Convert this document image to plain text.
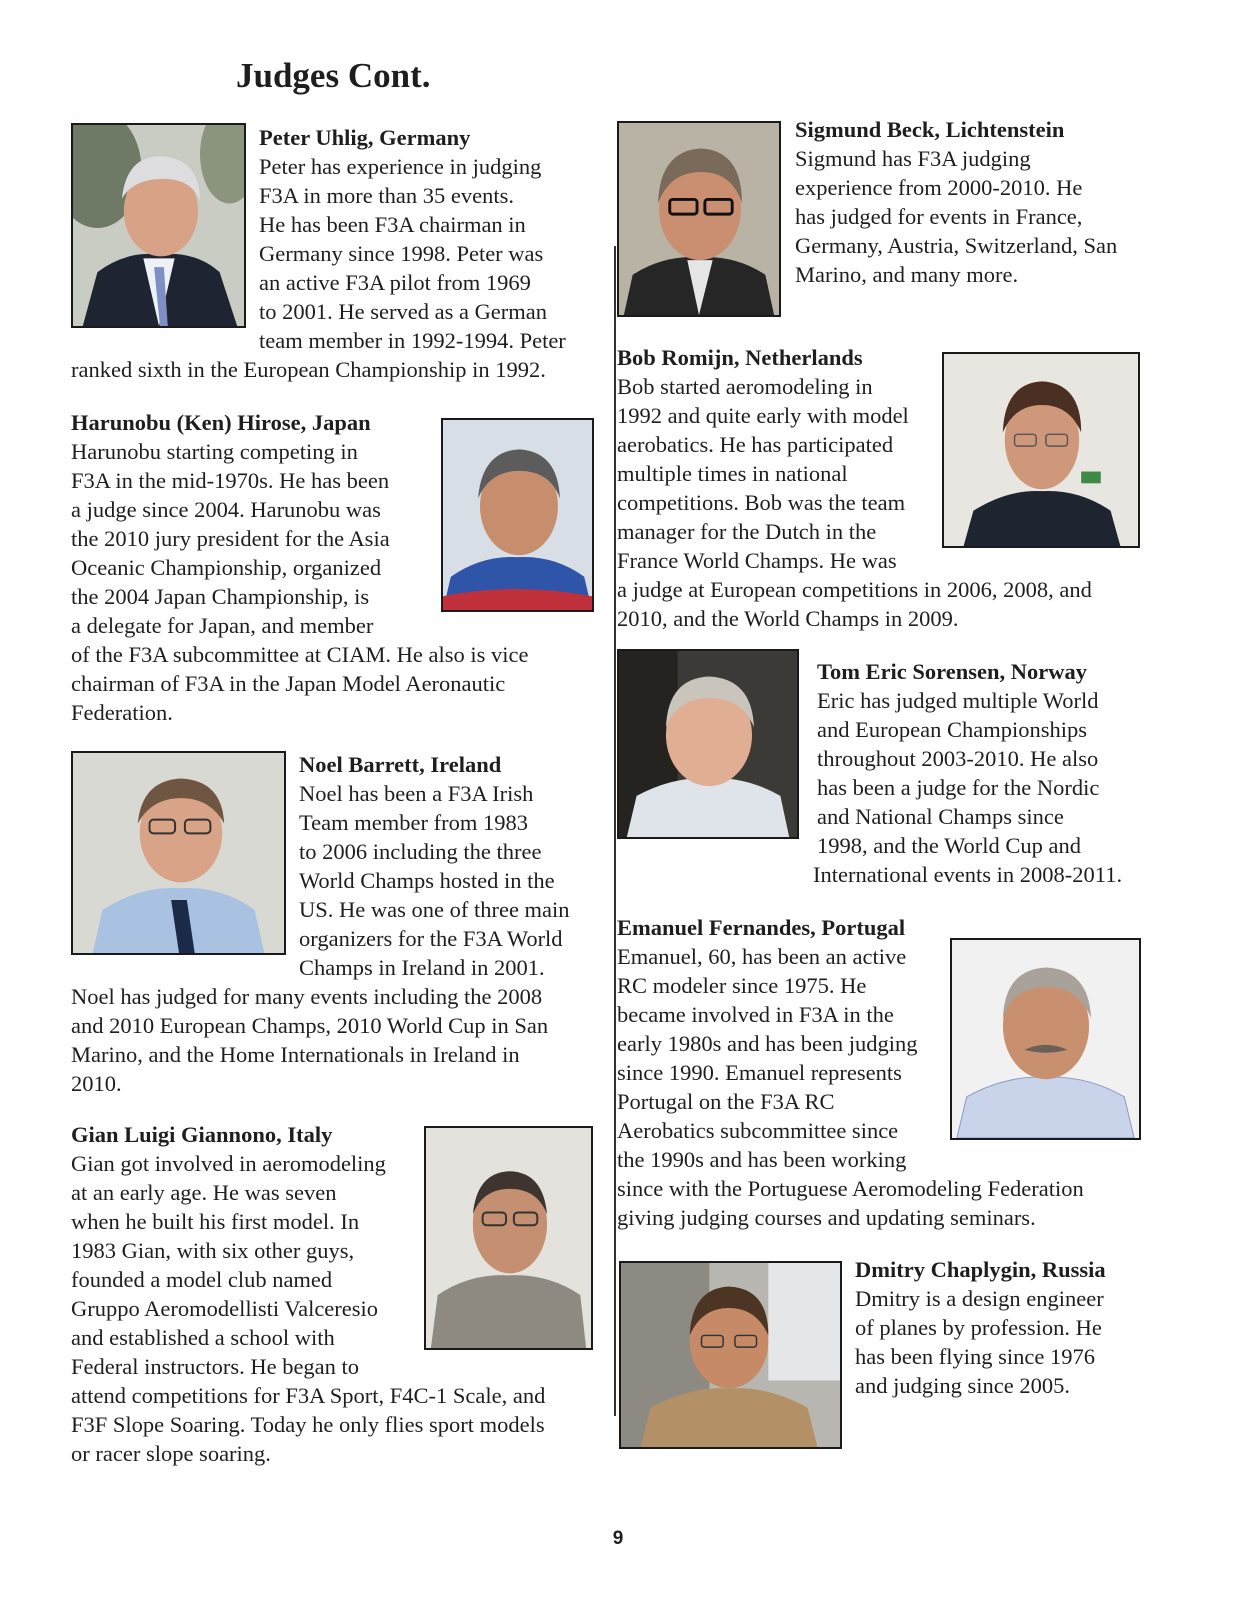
Judges Cont.
Peter Uhlig, Germany

Peter has experience in judging

F3A in more than 35 events.

He has been F3A chairman in

Germany since 1998. Peter was

an active F3A pilot from 1969

to 2001. He served as a German

team member in 1992-1994. Peter

ranked sixth in the European Championship in 1992.

Harunobu (Ken) Hirose, Japan

Harunobu starting competing in

F3A in the mid-1970s. He has been

a judge since 2004. Harunobu was

the 2010 jury president for the Asia

Oceanic Championship, organized

the 2004 Japan Championship, is

a delegate for Japan, and member

of the F3A subcommittee at CIAM. He also is vice

chairman of F3A in the Japan Model Aeronautic

Federation.

Noel Barrett, Ireland

Noel has been a F3A Irish

Team member from 1983

to 2006 including the three

World Champs hosted in the

US. He was one of three main

organizers for the F3A World

Champs in Ireland in 2001.

Noel has judged for many events including the 2008

and 2010 European Champs, 2010 World Cup in San

Marino, and the Home Internationals in Ireland in

2010.

Gian Luigi Giannono, Italy

Gian got involved in aeromodeling

at an early age. He was seven

when he built his first model. In

1983 Gian, with six other guys,

founded a model club named

Gruppo Aeromodellisti Valceresio

and established a school with

Federal instructors. He began to

attend competitions for F3A Sport, F4C-1 Scale, and

F3F Slope Soaring. Today he only flies sport models

or racer slope soaring.

Sigmund Beck, Lichtenstein

Sigmund has F3A judging

experience from 2000-2010. He

has judged for events in France,

Germany, Austria, Switzerland, San

Marino, and many more.

Bob Romijn, Netherlands

Bob started aeromodeling in

1992 and quite early with model

aerobatics. He has participated

multiple times in national

competitions. Bob was the team

manager for the Dutch in the

France World Champs. He was

a judge at European competitions in 2006, 2008, and

2010, and the World Champs in 2009.

Tom Eric Sorensen, Norway

Eric has judged multiple World

and European Championships

throughout 2003-2010. He also

has been a judge for the Nordic

and National Champs since

1998, and the World Cup and

International events in 2008-2011.

Emanuel Fernandes, Portugal

Emanuel, 60, has been an active

RC modeler since 1975. He

became involved in F3A in the

early 1980s and has been judging

since 1990. Emanuel represents

Portugal on the F3A RC

Aerobatics subcommittee since

the 1990s and has been working

since with the Portuguese Aeromodeling Federation

giving judging courses and updating seminars.

Dmitry Chaplygin, Russia

Dmitry is a design engineer

of planes by profession. He

has been flying since 1976

and judging since 2005.

9
